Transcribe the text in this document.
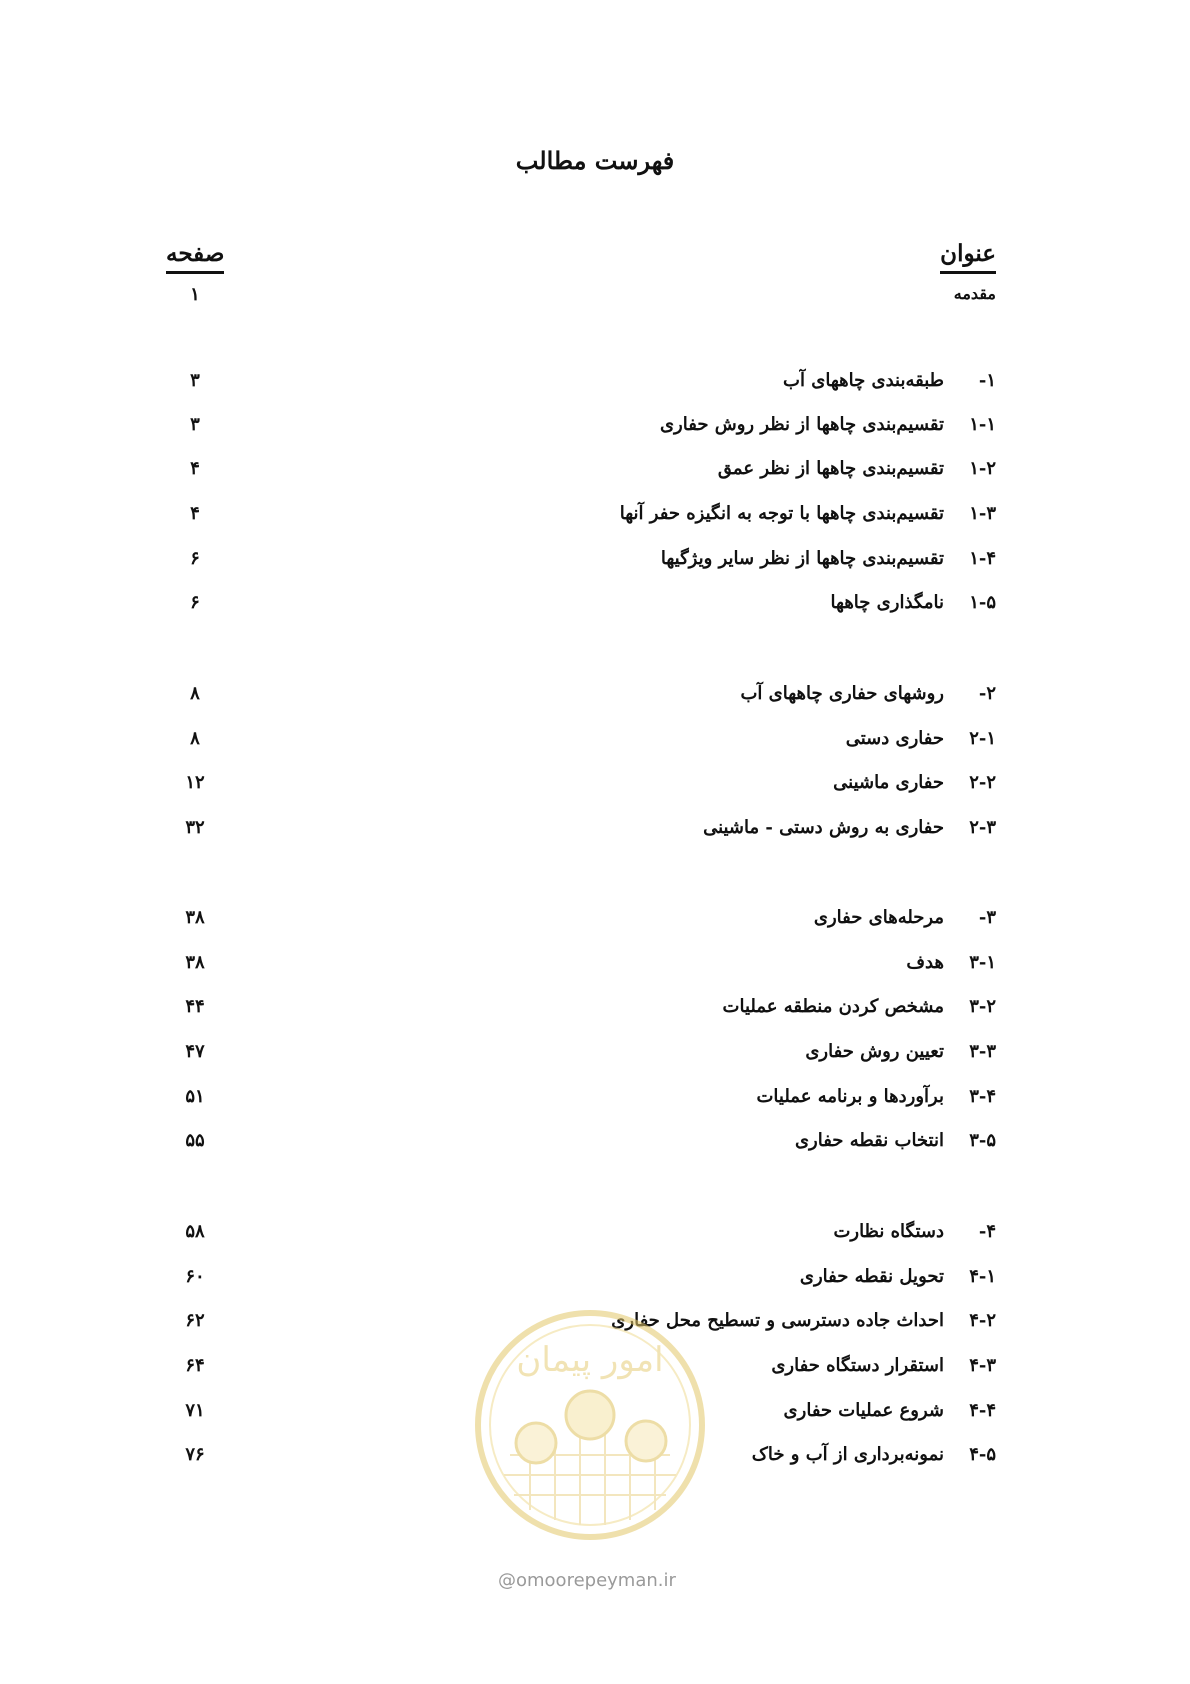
فهرست مطالب
عنوان
صفحه
مقدمه
۱
۱-
طبقه‌بندی چاههای آب
۳
۱-۱
تقسیم‌بندی چاهها از نظر روش حفاری
۳
۱-۲
تقسیم‌بندی چاهها از نظر عمق
۴
۱-۳
تقسیم‌بندی چاهها با توجه به انگیزه حفر آنها
۴
۱-۴
تقسیم‌بندی چاهها از نظر سایر ویژگیها
۶
۱-۵
نامگذاری چاهها
۶
۲-
روشهای حفاری چاههای آب
۸
۲-۱
حفاری دستی
۸
۲-۲
حفاری ماشینی
۱۲
۲-۳
حفاری به روش دستی - ماشینی
۳۲
۳-
مرحله‌های حفاری
۳۸
۳-۱
هدف
۳۸
۳-۲
مشخص کردن منطقه عملیات
۴۴
۳-۳
تعیین روش حفاری
۴۷
۳-۴
برآوردها و برنامه عملیات
۵۱
۳-۵
انتخاب نقطه حفاری
۵۵
۴-
دستگاه نظارت
۵۸
۴-۱
تحویل نقطه حفاری
۶۰
۴-۲
احداث جاده دسترسی و تسطیح محل حفاری
۶۲
۴-۳
استقرار دستگاه حفاری
۶۴
۴-۴
شروع عملیات حفاری
۷۱
۴-۵
نمونه‌برداری از آب و خاک
۷۶
امور پیمان
@omoorepeyman.ir
